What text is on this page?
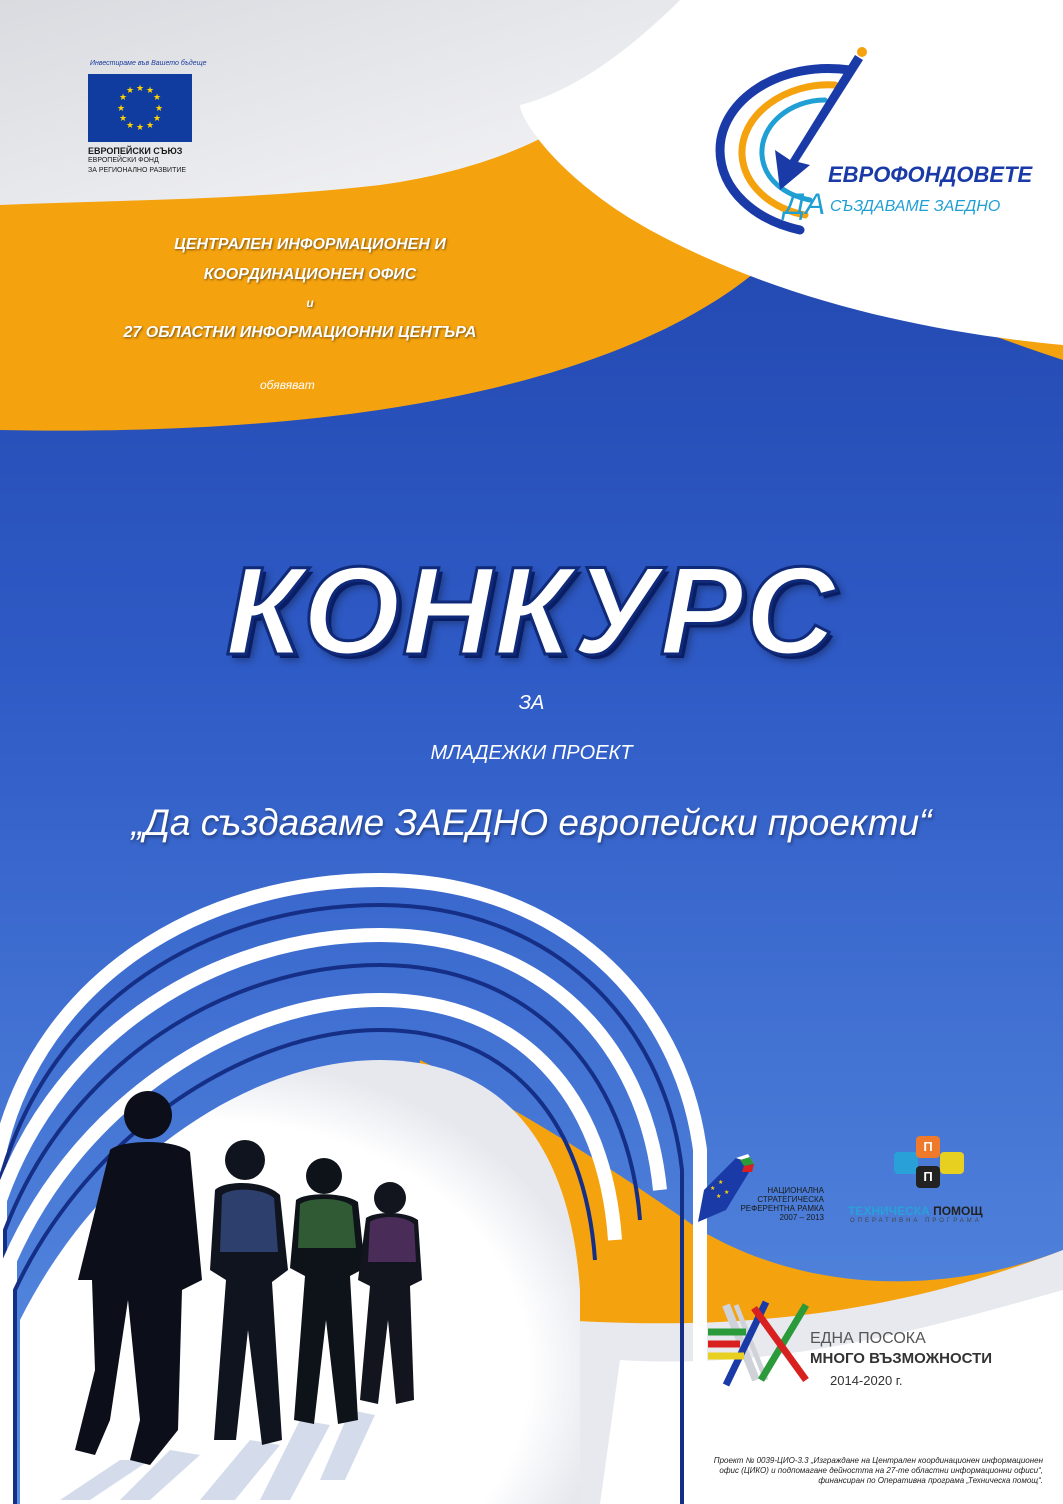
Инвестираме във Вашето бъдеще
★ ★
★
★
★
★
★
★
★
★
★
★
ЕВРОПЕЙСКИ СЪЮЗ
ЕВРОПЕЙСКИ ФОНД
ЗА РЕГИОНАЛНО РАЗВИТИЕ	ЕВРОФОНДОВЕТЕ
ДА СЪЗДАВАМЕ ЗАЕДНО
ЦЕНТРАЛЕН ИНФОРМАЦИОНЕН И
КООРДИНАЦИОНЕН ОФИС
и
27 ОБЛАСТНИ ИНФОРМАЦИОННИ ЦЕНТЪРА
обявяват
КОНКУРС
ЗА
МЛАДЕЖКИ ПРОЕКТ
„Да създаваме ЗАЕДНО европейски проекти“
★
★
★
★	НАЦИОНАЛНА
СТРАТЕГИЧЕСКА
РЕФЕРЕНТНА РАМКА
2007 – 2013
П
П
ТЕХНИЧЕСКА ПОМОЩ
ОПЕРАТИВНА ПРОГРАМА
ЕДНА ПОСОКА
МНОГО ВЪЗМОЖНОСТИ
2014-2020 г.
Проект № 0039-ЦИО-3.3 „Изграждане на Централен координационен информационен
офис (ЦИКО) и подпомагане дейността на 27-те областни информационни офиси“,
финансиран по Оперативна програма „Техническа помощ“.
